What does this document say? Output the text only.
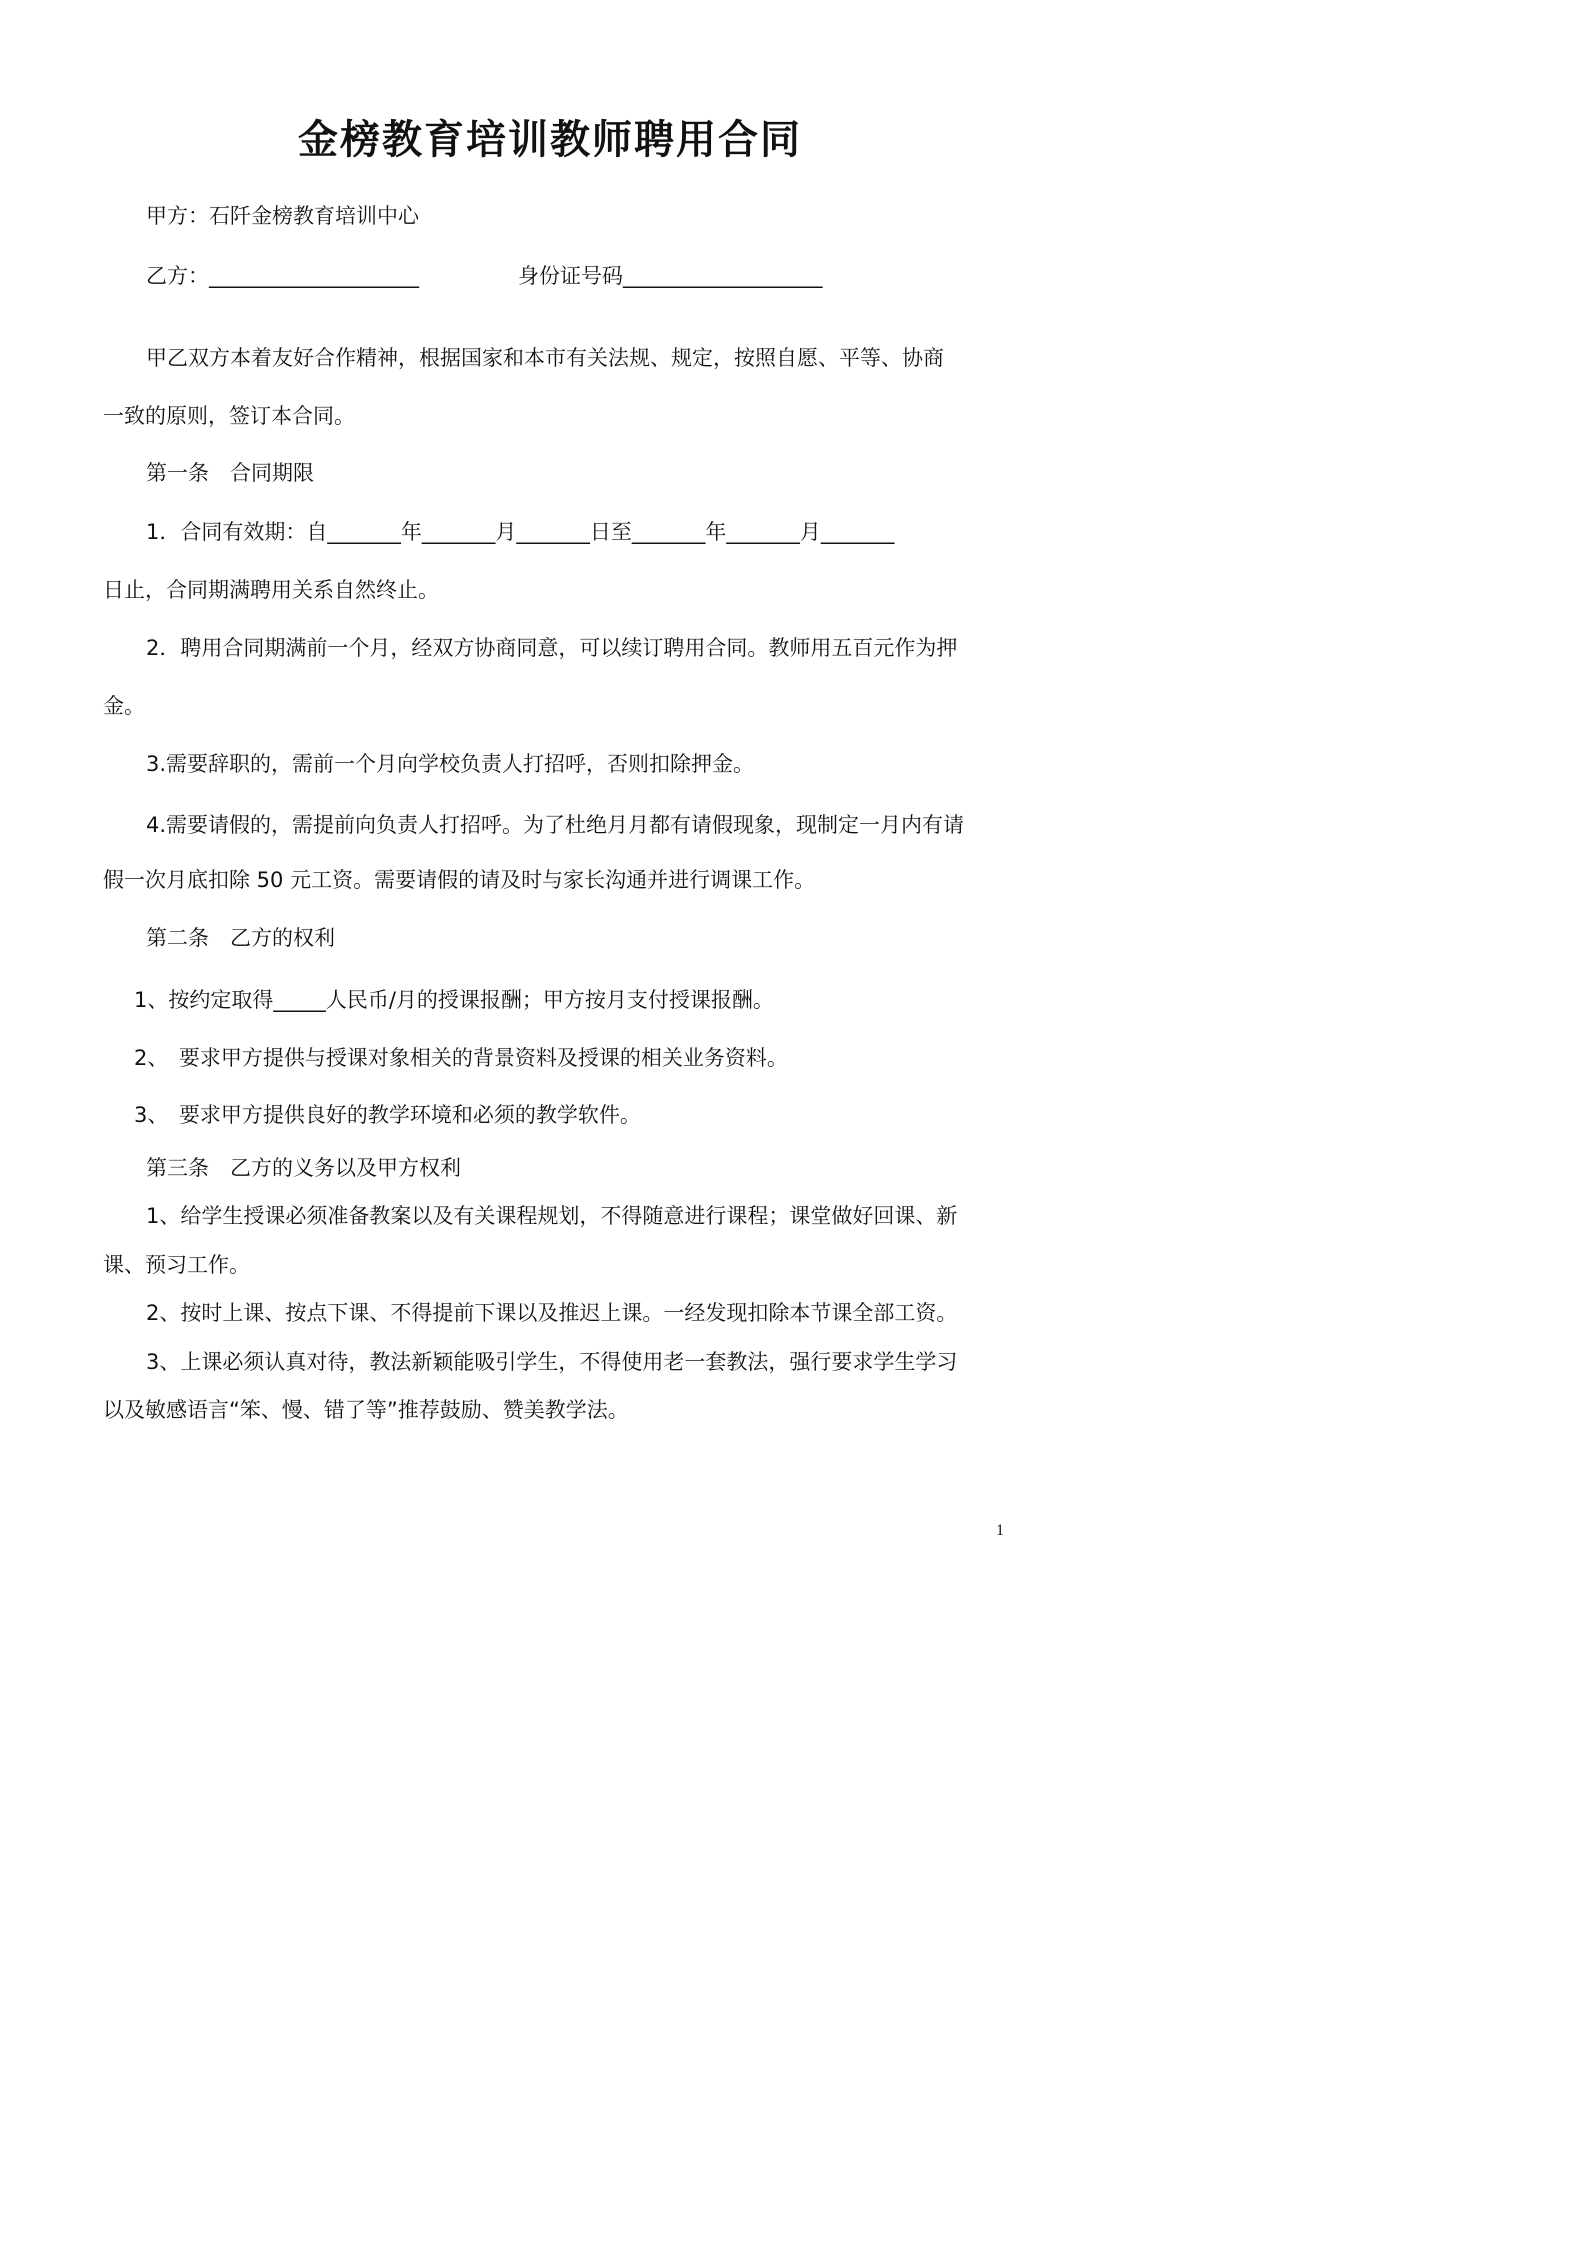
金榜教育培训教师聘用合同

甲方：石阡金榜教育培训中心

乙方：____________________	身份证号码___________________

甲乙双方本着友好合作精神，根据国家和本市有关法规、规定，按照自愿、平等、协商

一致的原则，签订本合同。

第一条　合同期限

1．合同有效期：自_______年_______月_______日至_______年_______月_______

日止，合同期满聘用关系自然终止。

2．聘用合同期满前一个月，经双方协商同意，可以续订聘用合同。教师用五百元作为押

金。

3.需要辞职的，需前一个月向学校负责人打招呼，否则扣除押金。

4.需要请假的，需提前向负责人打招呼。为了杜绝月月都有请假现象，现制定一月内有请

假一次月底扣除 50 元工资。需要请假的请及时与家长沟通并进行调课工作。

第二条　乙方的权利

1、按约定取得_____人民币/月的授课报酬；甲方按月支付授课报酬。

2、　要求甲方提供与授课对象相关的背景资料及授课的相关业务资料。

3、　要求甲方提供良好的教学环境和必须的教学软件。

第三条　乙方的义务以及甲方权利

1、给学生授课必须准备教案以及有关课程规划，不得随意进行课程；课堂做好回课、新

课、预习工作。

2、按时上课、按点下课、不得提前下课以及推迟上课。一经发现扣除本节课全部工资。

3、上课必须认真对待，教法新颖能吸引学生，不得使用老一套教法，强行要求学生学习

以及敏感语言“笨、慢、错了等”推荐鼓励、赞美教学法。

1
